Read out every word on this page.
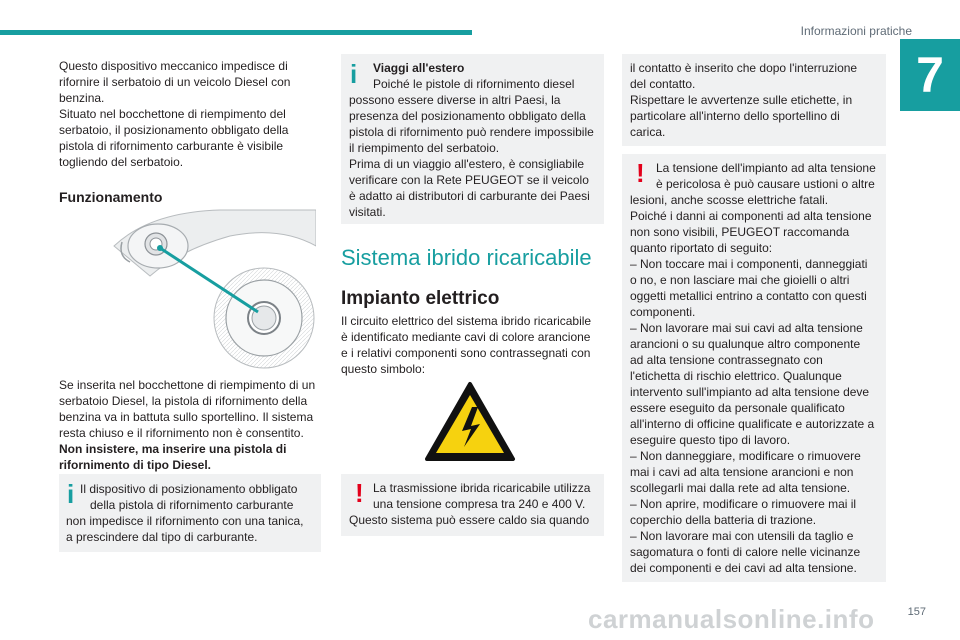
Informazioni pratiche
7

Questo dispositivo meccanico impedisce di

rifornire il serbatoio di un veicolo Diesel con

benzina.

Situato nel bocchettone di riempimento del

serbatoio, il posizionamento obbligato della

pistola di rifornimento carburante è visibile

togliendo del serbatoio.

Funzionamento

Se inserita nel bocchettone di riempimento di un

serbatoio Diesel, la pistola di rifornimento della

benzina va in battuta sullo sportellino. Il sistema

resta chiuso e il rifornimento non è consentito.

Non insistere, ma inserire una pistola di

rifornimento di tipo Diesel.

i Il dispositivo di posizionamento obbligato

della pistola di rifornimento carburante

non impedisce il rifornimento con una tanica,

a prescindere dal tipo di carburante.

i	Viaggi all'estero

Poiché le pistole di rifornimento diesel

possono essere diverse in altri Paesi, la

presenza del posizionamento obbligato della

pistola di rifornimento può rendere impossibile

il riempimento del serbatoio.

Prima di un viaggio all'estero, è consigliabile

verificare con la Rete PEUGEOT se il veicolo

è adatto ai distributori di carburante dei Paesi

visitati.

Sistema ibrido ricaricabile
Impianto elettrico

Il circuito elettrico del sistema ibrido ricaricabile

è identificato mediante cavi di colore arancione

e i relativi componenti sono contrassegnati con

questo simbolo:

! La trasmissione ibrida ricaricabile utilizza

una tensione compresa tra 240 e 400 V.

Questo sistema può essere caldo sia quando

il contatto è inserito che dopo l'interruzione

del contatto.

Rispettare le avvertenze sulle etichette, in

particolare all'interno dello sportellino di

carica.

! La tensione dell'impianto ad alta tensione

è pericolosa è può causare ustioni o altre

lesioni, anche scosse elettriche fatali.

Poiché i danni ai componenti ad alta tensione

non sono visibili, PEUGEOT raccomanda

quanto riportato di seguito:

– Non toccare mai i componenti, danneggiati

o no, e non lasciare mai che gioielli o altri

oggetti metallici entrino a contatto con questi

componenti.

– Non lavorare mai sui cavi ad alta tensione

arancioni o su qualunque altro componente

ad alta tensione contrassegnato con

l'etichetta di rischio elettrico. Qualunque

intervento sull'impianto ad alta tensione deve

essere eseguito da personale qualificato

all'interno di officine qualificate e autorizzate a

eseguire questo tipo di lavoro.

– Non danneggiare, modificare o rimuovere

mai i cavi ad alta tensione arancioni e non

scollegarli mai dalla rete ad alta tensione.

– Non aprire, modificare o rimuovere mai il

coperchio della batteria di trazione.

– Non lavorare mai con utensili da taglio e

sagomatura o fonti di calore nelle vicinanze

dei componenti e dei cavi ad alta tensione.

carmanualsonline.info	157
